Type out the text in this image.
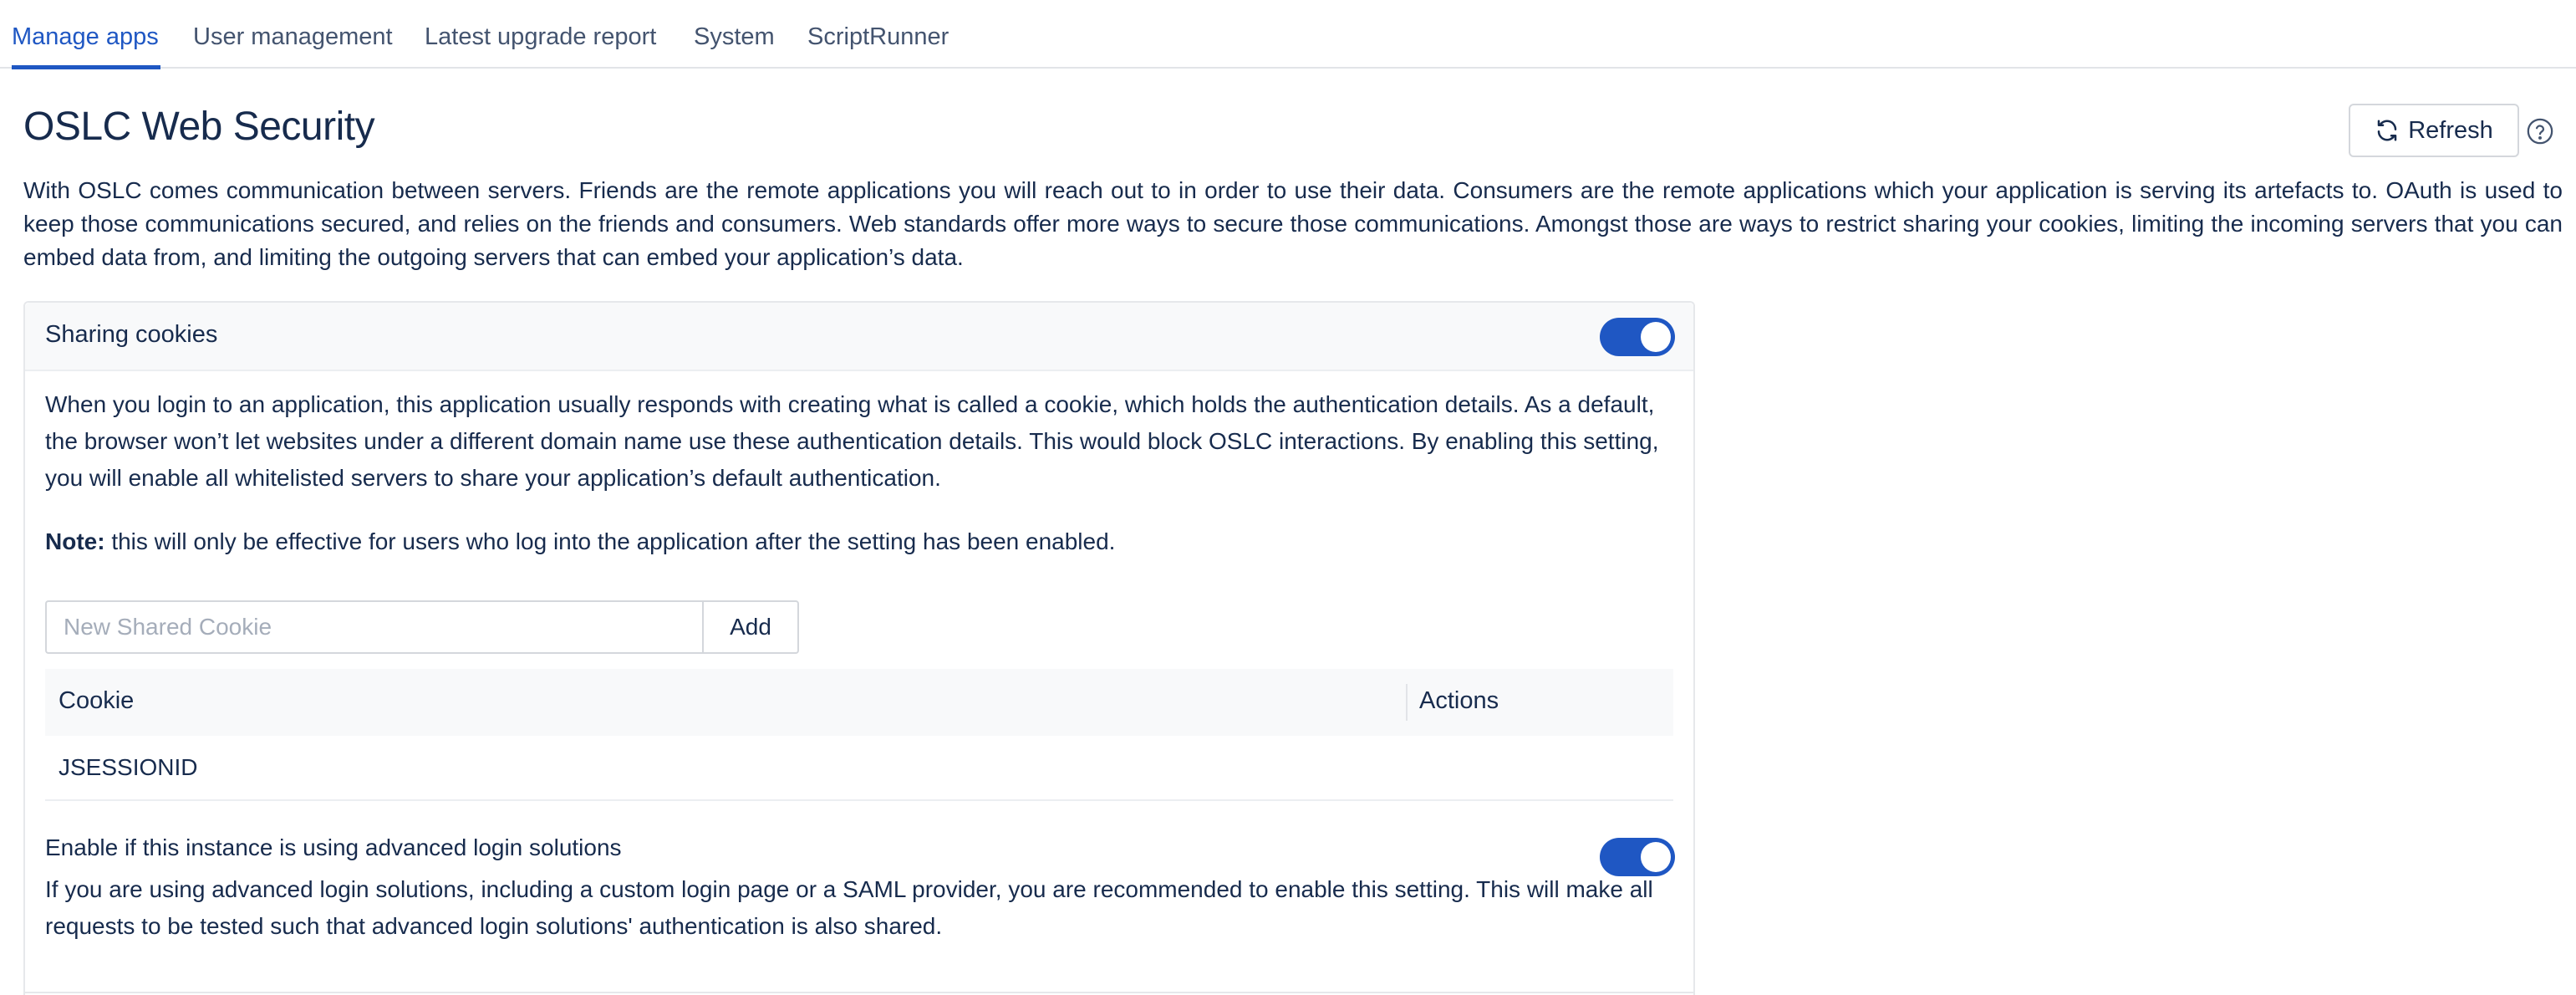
Manage apps User management Latest upgrade report System ScriptRunner
OSLC Web Security	Refresh

With OSLC comes communication between servers. Friends are the remote applications you will reach out to in order to use their data. Consumers are the remote applications which your application is serving its artefacts to. OAuth is used to keep those communications secured, and relies on the friends and consumers. Web standards offer more ways to secure those communications. Amongst those are ways to restrict sharing your cookies, limiting the incoming servers that you can embed data from, and limiting the outgoing servers that can embed your application’s data.

Sharing cookies

When you login to an application, this application usually responds with creating what is called a cookie, which holds the authentication details. As a default, the browser won’t let websites under a different domain name use these authentication details. This would block OSLC interactions. By enabling this setting, you will enable all whitelisted servers to share your application’s default authentication.

Note: this will only be effective for users who log into the application after the setting has been enabled.

New Shared Cookie
Add
Cookie	Actions
JSESSIONID
Enable if this instance is using advanced login solutions

If you are using advanced login solutions, including a custom login page or a SAML provider, you are recommended to enable this setting. This will make all requests to be tested such that advanced login solutions' authentication is also shared.
